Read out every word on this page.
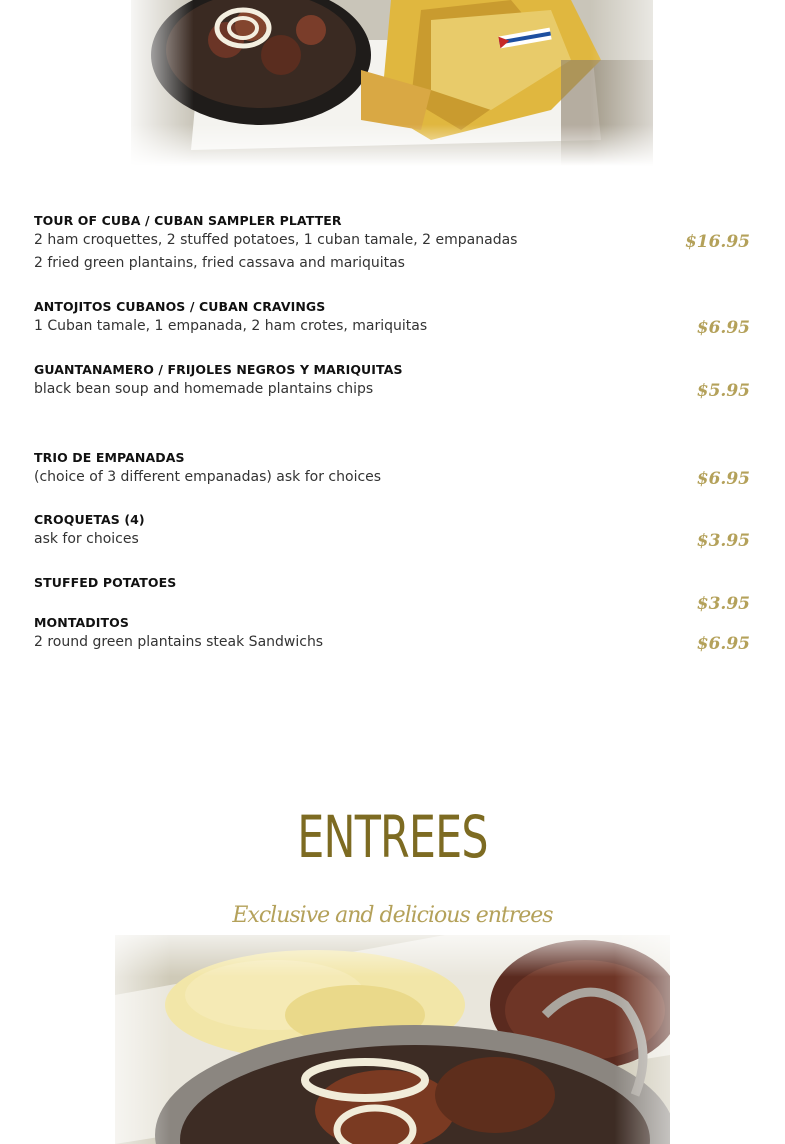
TOUR OF CUBA / CUBAN SAMPLER PLATTER
2 ham croquettes, 2 stuffed potatoes, 1 cuban tamale, 2 empanadas
2 fried green plantains, fried cassava and mariquitas
$16.95
ANTOJITOS CUBANOS / CUBAN CRAVINGS
1 Cuban tamale, 1 empanada, 2 ham crotes, mariquitas	$6.95
GUANTANAMERO / FRIJOLES NEGROS Y MARIQUITAS
black bean soup and homemade plantains chips	$5.95
TRIO DE EMPANADAS
(choice of 3 different empanadas) ask for choices	$6.95
CROQUETAS (4)
ask for choices	$3.95
STUFFED POTATOES
$3.95
MONTADITOS
2 round green plantains steak Sandwichs	$6.95
ENTREES
Exclusive and delicious entrees
